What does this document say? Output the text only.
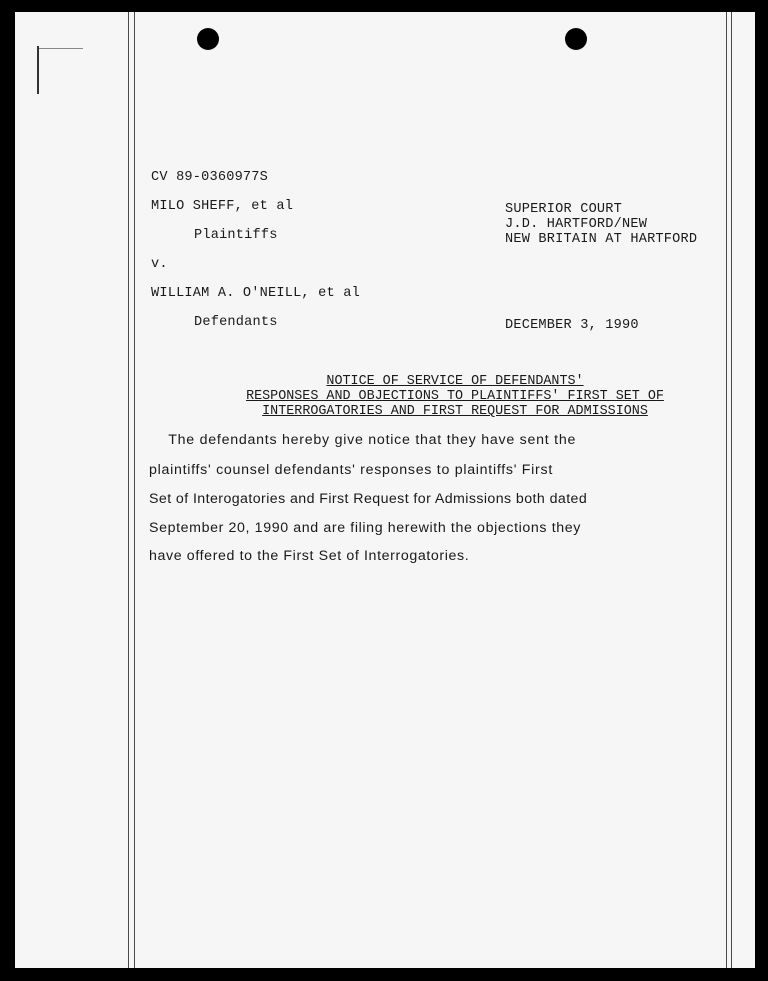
CV 89-0360977S
MILO SHEFF, et al
Plaintiffs
v.
WILLIAM A. O'NEILL, et al
Defendants
SUPERIOR COURT
J.D. HARTFORD/NEW
NEW BRITAIN AT HARTFORD
DECEMBER 3, 1990
NOTICE OF SERVICE OF DEFENDANTS'
RESPONSES AND OBJECTIONS TO PLAINTIFFS' FIRST SET OF
INTERROGATORIES AND FIRST REQUEST FOR ADMISSIONS
The defendants hereby give notice that they have sent the
plaintiffs' counsel defendants' responses to plaintiffs' First
Set of Interogatories and First Request for Admissions both dated
September 20, 1990 and are filing herewith the objections they
have offered to the First Set of Interrogatories.
